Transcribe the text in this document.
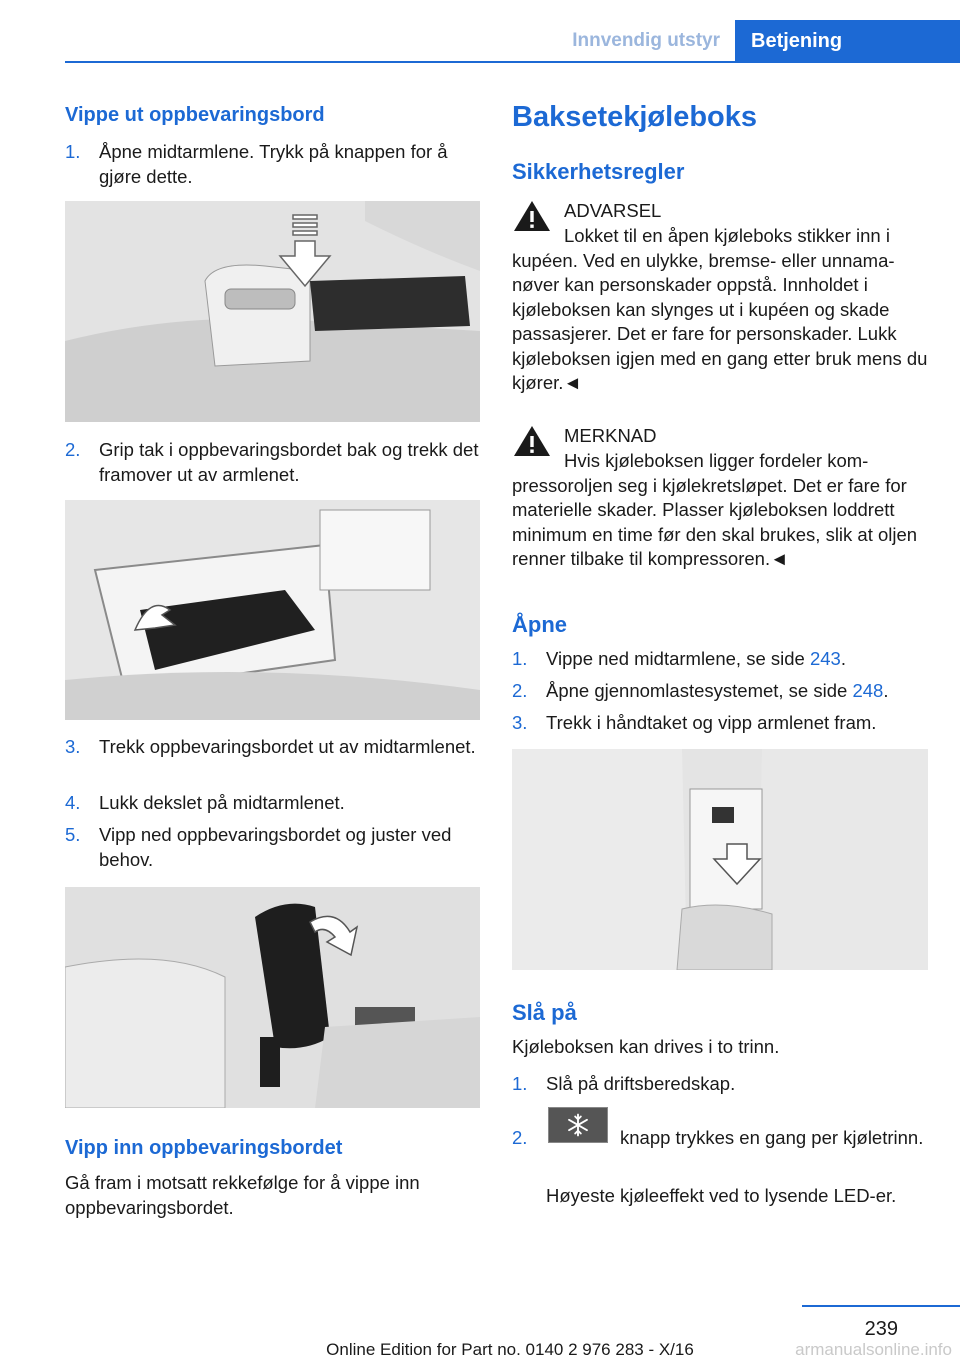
Innvendig utstyr	Betjening
Vippe ut oppbevaringsbord
1. Åpne midtarmlene. Trykk på knappen for å gjøre dette.
2. Grip tak i oppbevaringsbordet bak og trekk det framover ut av armlenet.
3. Trekk oppbevaringsbordet ut av midtarmlenet.
4. Lukk dekslet på midtarmlenet.
5. Vipp ned oppbevaringsbordet og juster ved behov.
Vipp inn oppbevaringsbordet
Gå fram i motsatt rekkefølge for å vippe inn oppbevaringsbordet.
Baksetekjøleboks
Sikkerhetsregler
ADVARSEL
Lokket til en åpen kjøleboks stikker inn i kupéen. Ved en ulykke, bremse- eller unnamanøver kan personskader oppstå. Innholdet i kjøleboksen kan slynges ut i kupéen og skade passasjerer. Det er fare for personskader. Lukk kjøleboksen igjen med en gang etter bruk mens du kjører.◄
MERKNAD
Hvis kjøleboksen ligger fordeler kompressoroljen seg i kjølekretsløpet. Det er fare for materielle skader. Plasser kjøleboksen loddrett minimum en time før den skal brukes, slik at oljen renner tilbake til kompressoren.◄
Åpne
1. Vippe ned midtarmlene, se side 243.
2. Åpne gjennomlastesystemet, se side 248.
3. Trekk i håndtaket og vipp armlenet fram.
Slå på
Kjøleboksen kan drives i to trinn.
1. Slå på driftsberedskap.
2.	knapp trykkes en gang per kjøletrinn.
Høyeste kjøleeffekt ved to lysende LED-er.
239
Online Edition for Part no. 0140 2 976 283 - X/16	armanualsonline.info
